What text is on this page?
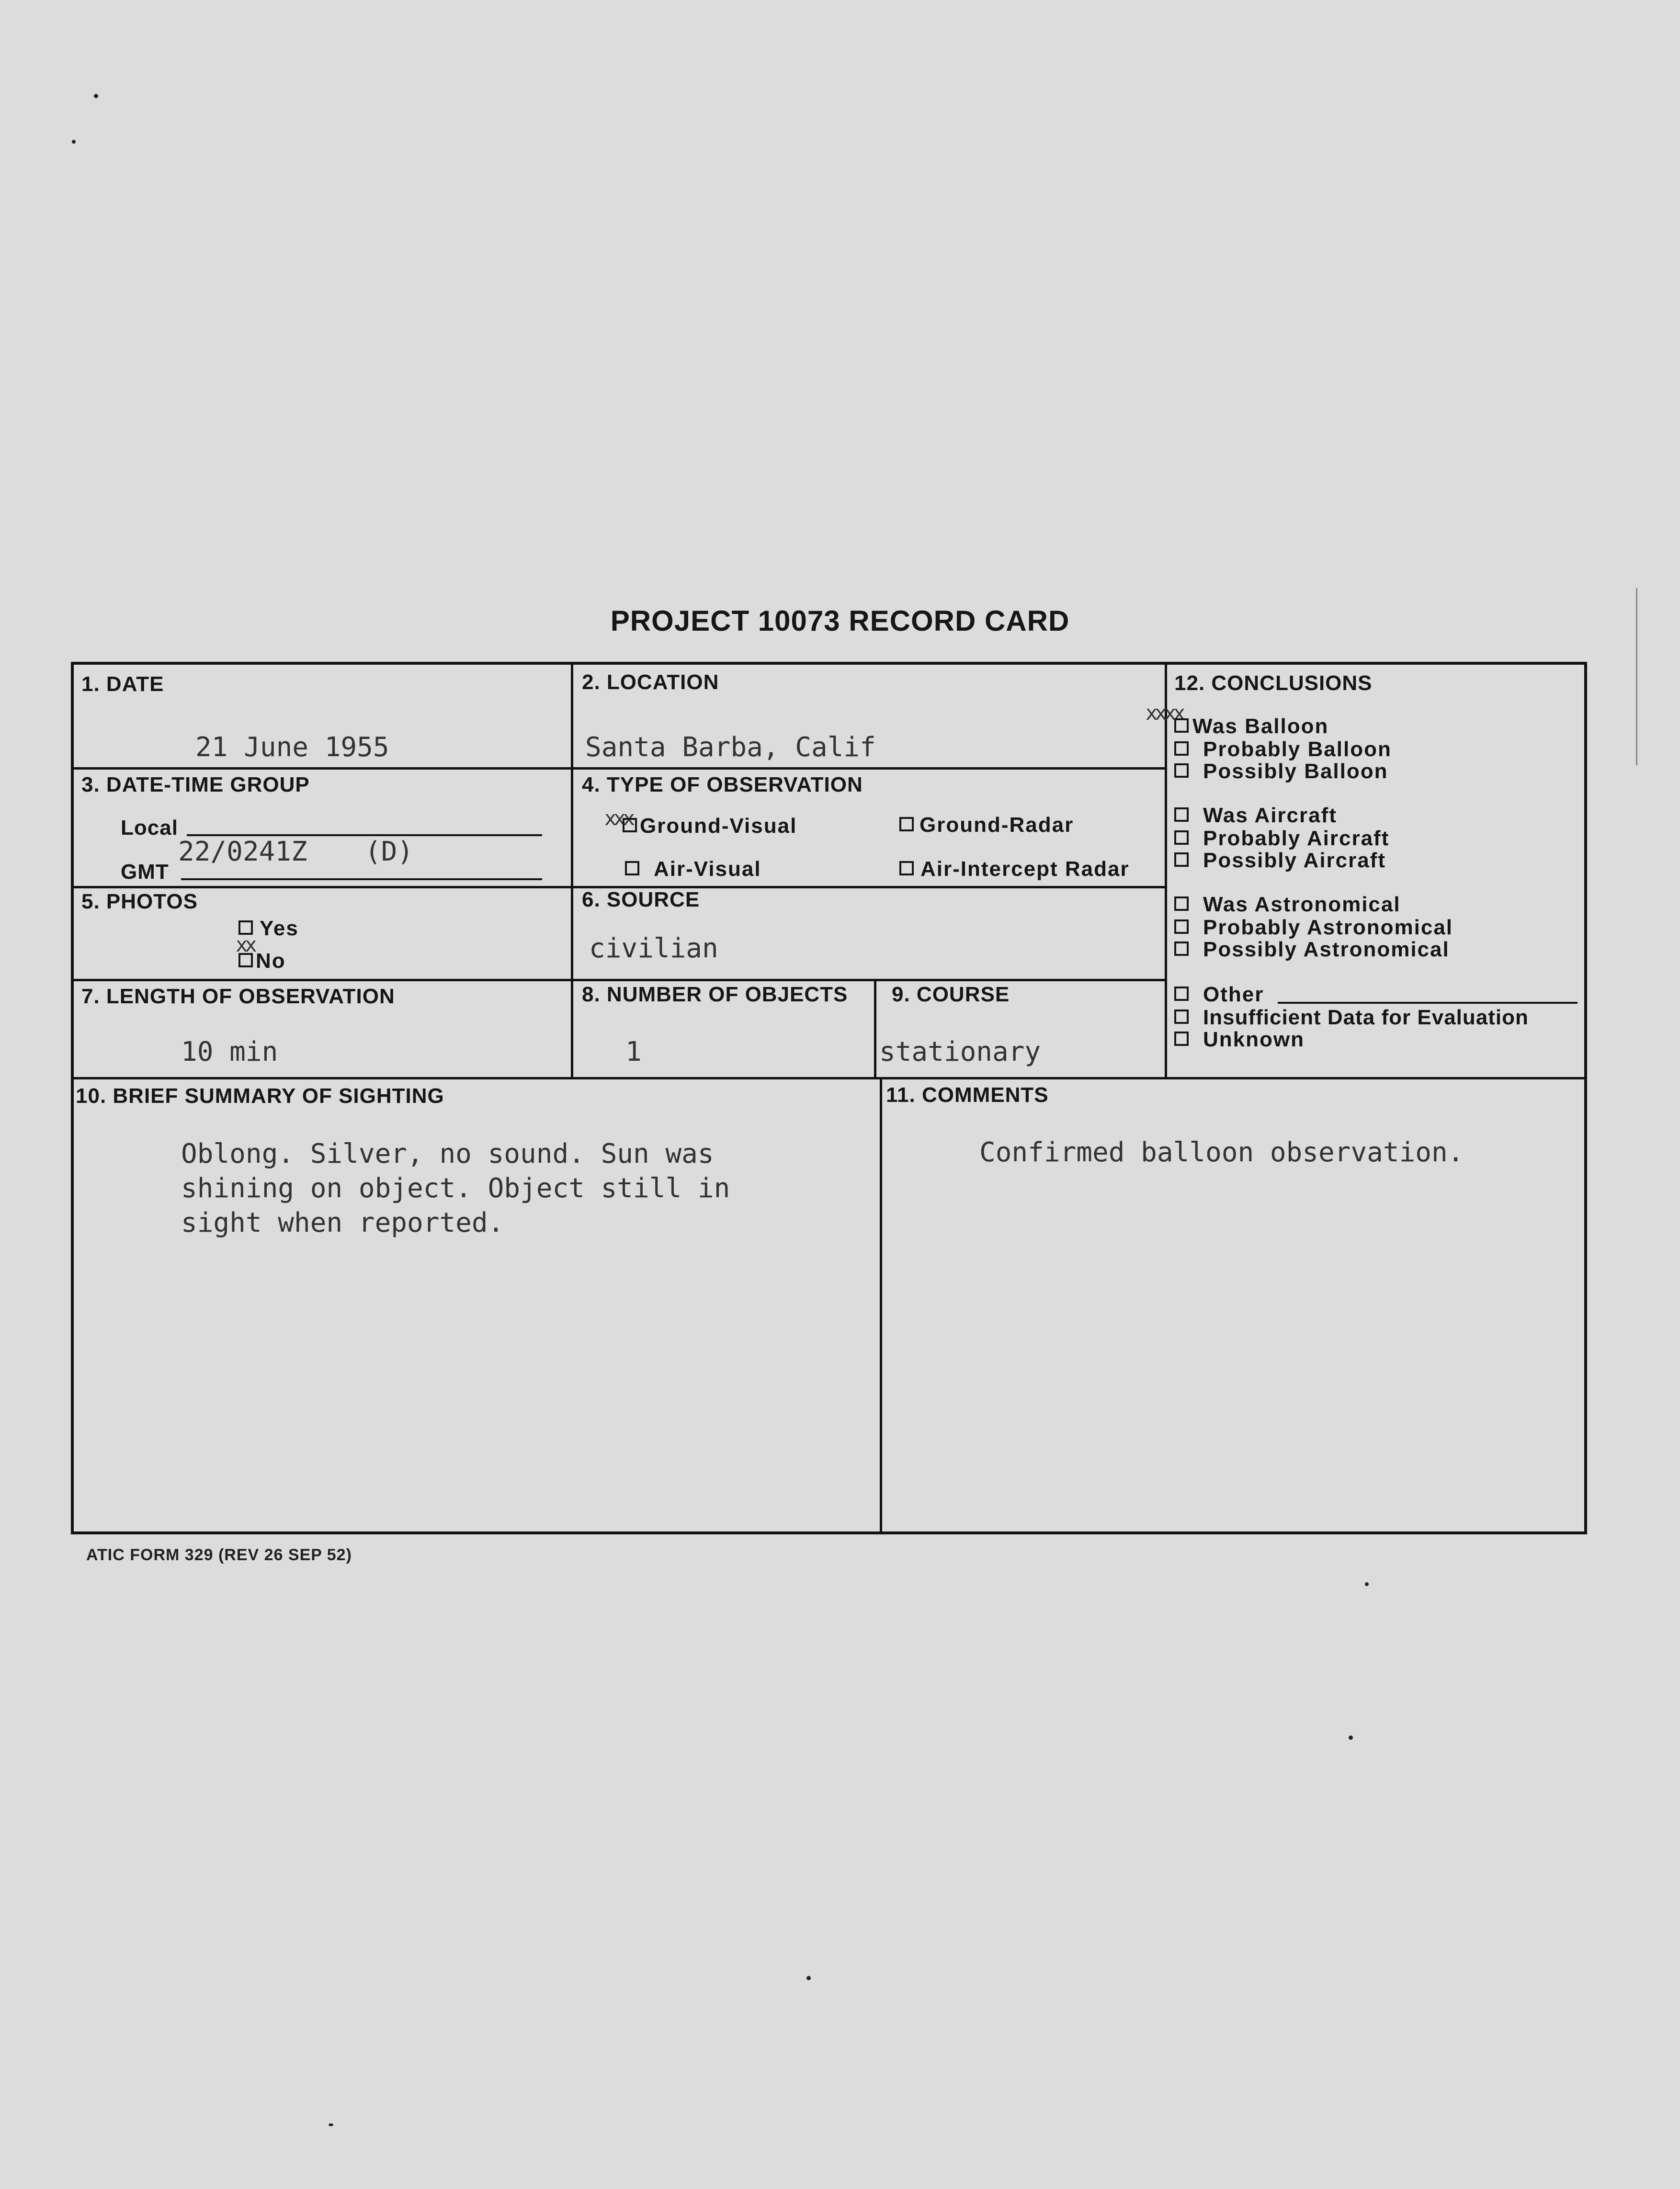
PROJECT 10073 RECORD CARD
1. DATE
21 June 1955
2. LOCATION
Santa Barba, Calif
3. DATE-TIME GROUP
Local
GMT
22/0241Z (D)
4. TYPE OF OBSERVATION
xxx Ground-Visual	Ground-Radar
Air-Visual	Air-Intercept Radar
5. PHOTOS
Yes
xx
No
6. SOURCE
civilian
7. LENGTH OF OBSERVATION
10 min
8. NUMBER OF OBJECTS
1
9. COURSE
stationary
10. BRIEF SUMMARY OF SIGHTING
Oblong. Silver, no sound. Sun was shining on object. Object still in sight when reported.
11. COMMENTS
Confirmed balloon observation.
12. CONCLUSIONS
xxxx
Was Balloon
Probably Balloon
Possibly Balloon
Was Aircraft
Probably Aircraft
Possibly Aircraft
Was Astronomical
Probably Astronomical
Possibly Astronomical
Other
Insufficient Data for Evaluation
Unknown
ATIC FORM 329 (REV 26 SEP 52)
